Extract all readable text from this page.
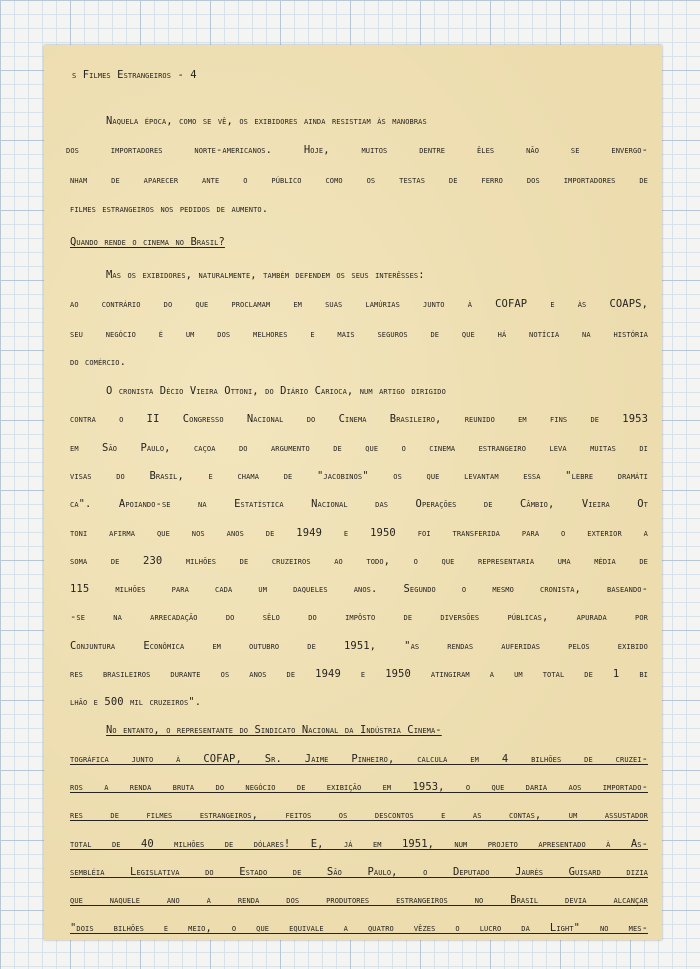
s Filmes Estrangeiros - 4
Naquela época, como se vê, os exibidores ainda resistiam às manobras
dos importadores norte-americanos. Hoje, muitos dentre êles não se envergo-
nham de aparecer ante o público como os testas de ferro dos importadores de
filmes estrangeiros nos pedidos de aumento.
Quando rende o cinema no Brasil?
Mas os exibidores, naturalmente, também defendem os seus interêsses:
ao contrário do que proclamam em suas lamúrias junto à COFAP e às COAPS,
seu negócio é um dos melhores e mais seguros de que há notícia na história
do comércio.
O cronista Décio Vieira Ottoni, do Diário Carioca, num artigo dirigido
contra o II Congresso Nacional do Cinema Brasileiro, reunido em fins de 1953
em São Paulo, caçoa do argumento de que o cinema estrangeiro leva muitas di
visas do Brasil, e chama de "jacobinos" os que levantam essa "lebre dramáti
ca". Apoiando-se na Estatística Nacional das Operações de Câmbio, Vieira Ot
toni afirma que nos anos de 1949 e 1950 foi transferida para o exterior a
soma de 230 milhões de cruzeiros ao todo, o que representaria uma média de
115 milhões para cada um daqueles anos. Segundo o mesmo cronista, baseando-
-se na arrecadação do sêlo do impôsto de diversões públicas, apurada por
Conjuntura Econômica em outubro de 1951, "as rendas auferidas pelos exibido
res brasileiros durante os anos de 1949 e 1950 atingiram a um total de 1 bi
lhão e 500 mil cruzeiros".
No entanto, o representante do Sindicato Nacional da Indústria Cinema-
tográfica junto à COFAP, Sr. Jaime Pinheiro, calcula em 4 bilhões de cruzei-
ros a renda bruta do negócio de exibição em 1953, o que daria aos importado-
res de filmes estrangeiros, feitos os descontos e as contas, um assustador
total de 40 milhões de dólares! E, já em 1951, num projeto apresentado à As-
sembléia Legislativa do Estado de São Paulo, o Deputado Jaurès Guisard dizia
que naquele ano a renda dos produtores estrangeiros no Brasil devia alcançar
"dois bilhões e meio, o que equivale a quatro vêzes o lucro da Light" no mes-
